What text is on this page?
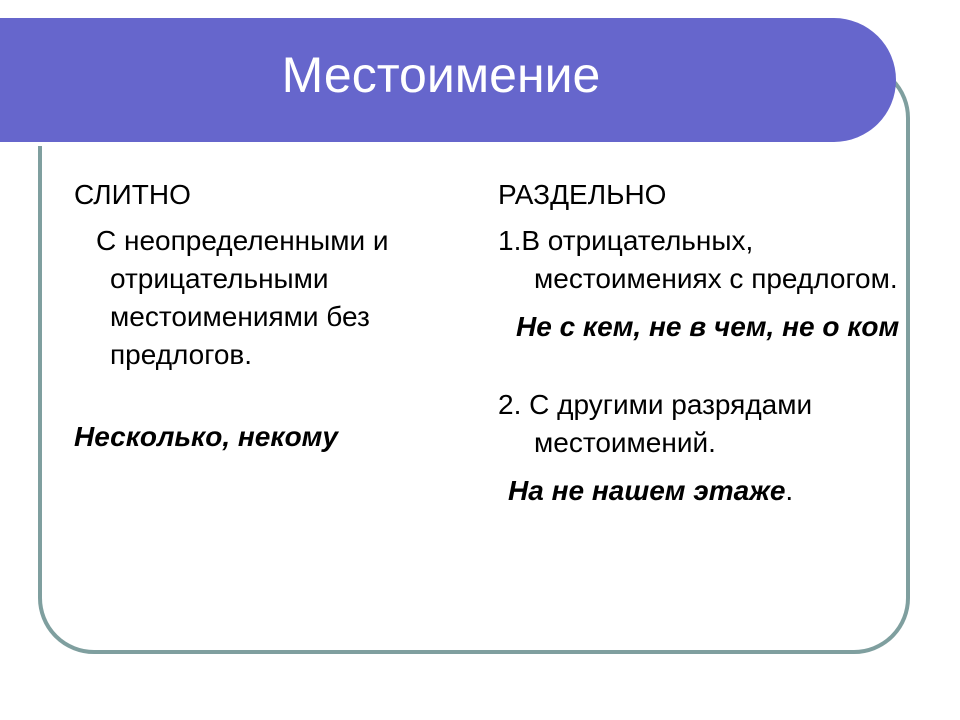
Местоимение

СЛИТНО

С неопределенными и отрицательными местоимениями без предлогов.

Несколько, некому

РАЗДЕЛЬНО

1.В отрицательных, местоимениях с предлогом.

Не с кем, не в чем, не о ком

2. С другими разрядами местоимений.

На не нашем этаже.
